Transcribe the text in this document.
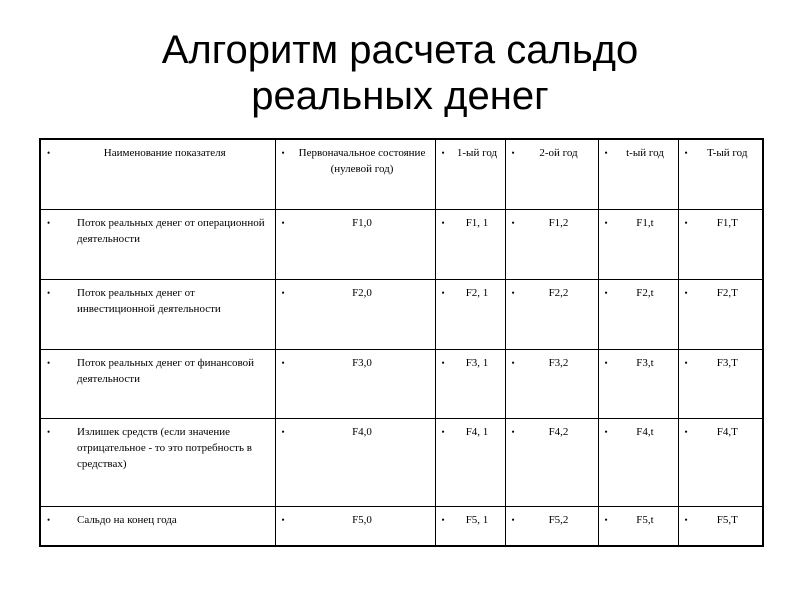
Алгоритм расчета сальдо
реальных денег
• Наименование показателя	• Первоначальное состояние (нулевой год)	• 1-ый год	• 2-ой год	• t-ый год	• T-ый год

• Поток реальных денег от операционной деятельности	• F1,0	• F1, 1	• F1,2	• F1,t	• F1,T

• Поток реальных денег от инвестиционной деятельности	• F2,0	• F2, 1	• F2,2	• F2,t	• F2,T

• Поток реальных денег от финансовой деятельности	• F3,0	• F3, 1	• F3,2	• F3,t	• F3,T

• Излишек средств (если значение отрицательное - то это потребность в средствах)	• F4,0	• F4, 1	• F4,2	• F4,t	• F4,T

• Сальдо на конец года	• F5,0	• F5, 1	• F5,2	• F5,t	• F5,T
